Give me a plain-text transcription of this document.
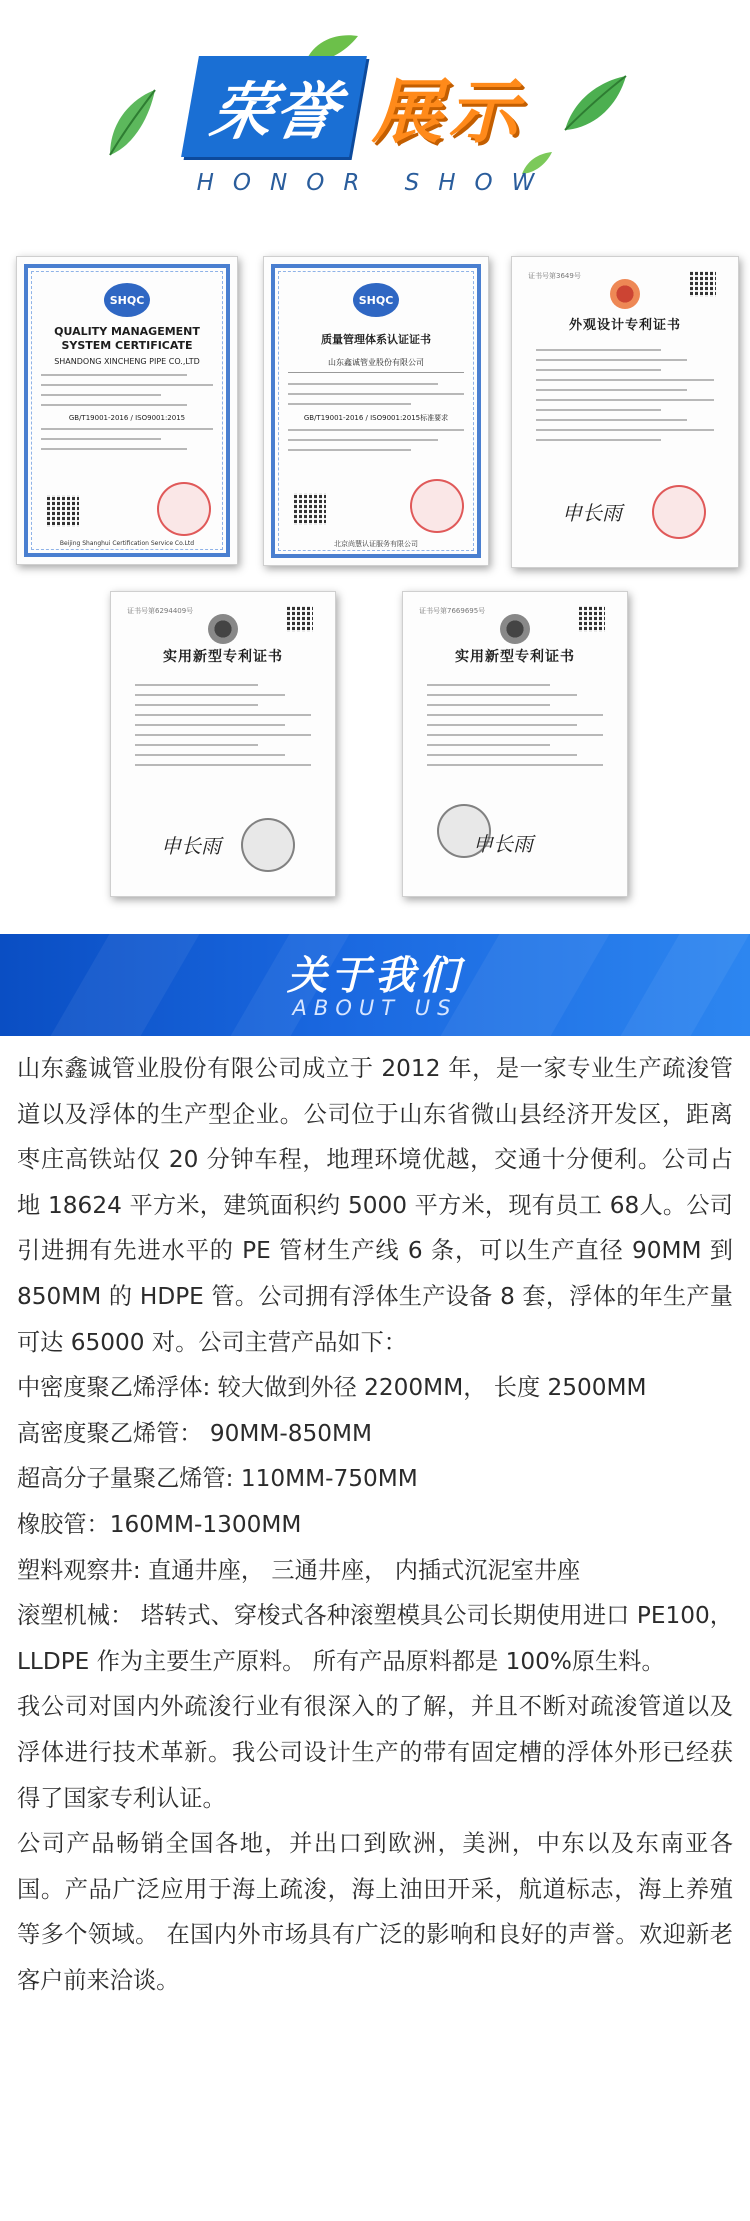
荣誉 展示
HONOR SHOW
SHQC
QUALITY MANAGEMENT SYSTEM CERTIFICATE
SHANDONG XINCHENG PIPE CO.,LTD
GB/T19001-2016 / ISO9001:2015
Beijing Shanghui Certification Service Co.Ltd
SHQC
质量管理体系认证证书
山东鑫诚管业股份有限公司
GB/T19001-2016 / ISO9001:2015标准要求
北京尚慧认证服务有限公司
证书号第3649号
外观设计专利证书
申长雨
证书号第6294409号
实用新型专利证书
申长雨
证书号第7669695号
实用新型专利证书
申长雨
关于我们
ABOUT US

山东鑫诚管业股份有限公司成立于 2012 年，是一家专业生产疏浚管道以及浮体的生产型企业。公司位于山东省微山县经济开发区，距离枣庄高铁站仅 20 分钟车程，地理环境优越，交通十分便利。公司占地 18624 平方米，建筑面积约 5000 平方米，现有员工 68人。公司引进拥有先进水平的 PE 管材生产线 6 条，可以生产直径 90MM 到 850MM 的 HDPE 管。公司拥有浮体生产设备 8 套，浮体的年生产量可达 65000 对。公司主营产品如下：

中密度聚乙烯浮体: 较大做到外径 2200MM， 长度 2500MM

高密度聚乙烯管： 90MM-850MM

超高分子量聚乙烯管: 110MM-750MM

橡胶管：160MM-1300MM

塑料观察井: 直通井座， 三通井座， 内插式沉泥室井座

滚塑机械： 塔转式、穿梭式各种滚塑模具公司长期使用进口 PE100，LLDPE 作为主要生产原料。 所有产品原料都是 100%原生料。

我公司对国内外疏浚行业有很深入的了解，并且不断对疏浚管道以及浮体进行技术革新。我公司设计生产的带有固定槽的浮体外形已经获得了国家专利认证。

公司产品畅销全国各地，并出口到欧洲，美洲，中东以及东南亚各国。产品广泛应用于海上疏浚，海上油田开采，航道标志，海上养殖等多个领域。 在国内外市场具有广泛的影响和良好的声誉。欢迎新老客户前来洽谈。
